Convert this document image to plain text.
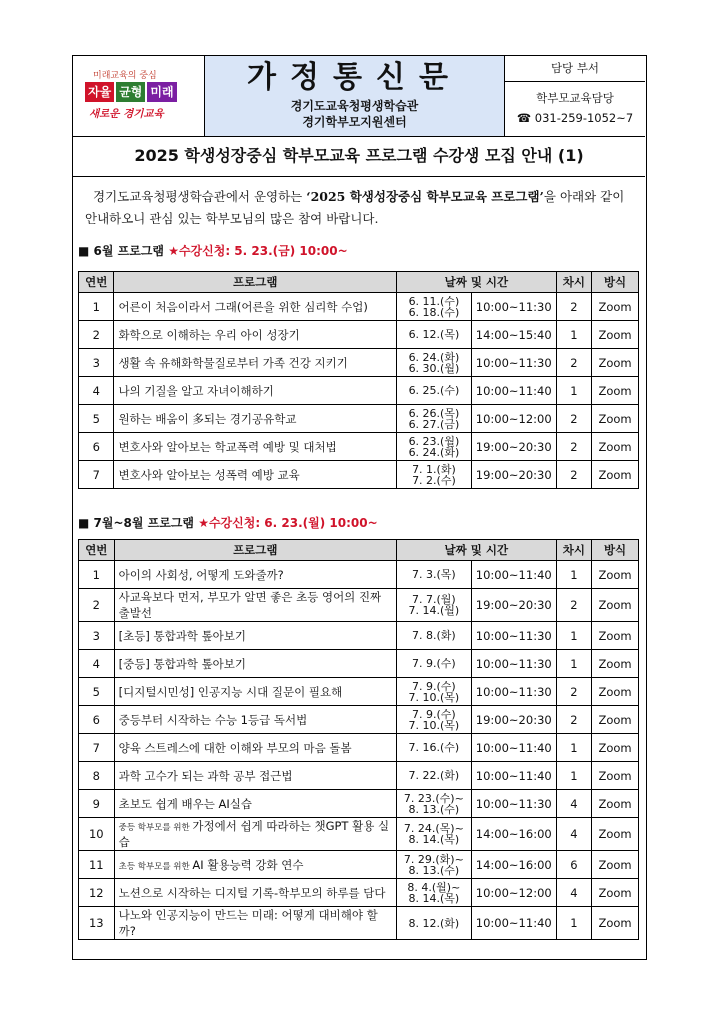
미래교육의 중심
자율 균형 미래
새로운 경기교육
가정통신문
경기도교육청평생학습관
경기학부모지원센터
담당 부서
학부모교육담당
☎ 031-259-1052~7
2025 학생성장중심 학부모교육 프로그램 수강생 모집 안내 (1)
경기도교육청평생학습관에서 운영하는 ‘2025 학생성장중심 학부모교육 프로그램’을 아래와 같이 안내하오니 관심 있는 학부모님의 많은 참여 바랍니다.
■ 6월 프로그램 ★수강신청: 5. 23.(금) 10:00~
연번	프로그램	날짜 및 시간		차시	방식
1	어른이 처음이라서 그래(어른을 위한 심리학 수업)	6. 11.(수)
6. 18.(수)	10:00~11:30	2	Zoom
2	화학으로 이해하는 우리 아이 성장기	6. 12.(목)	14:00~15:40	1	Zoom
3	생활 속 유해화학물질로부터 가족 건강 지키기	6. 24.(화)
6. 30.(월)	10:00~11:30	2	Zoom
4	나의 기질을 알고 자녀이해하기	6. 25.(수)	10:00~11:40	1	Zoom
5	원하는 배움이 多되는 경기공유학교	6. 26.(목)
6. 27.(금)	10:00~12:00	2	Zoom
6	변호사와 알아보는 학교폭력 예방 및 대처법	6. 23.(월)
6. 24.(화)	19:00~20:30	2	Zoom
7	변호사와 알아보는 성폭력 예방 교육	7. 1.(화)
7. 2.(수)	19:00~20:30	2	Zoom
■ 7월~8월 프로그램 ★수강신청: 6. 23.(월) 10:00~
연번	프로그램	날짜 및 시간		차시	방식
1	아이의 사회성, 어떻게 도와줄까?	7. 3.(목)	10:00~11:40	1	Zoom
2	사교육보다 먼저, 부모가 알면 좋은 초등 영어의 진짜 출발선	7. 7.(월)
7. 14.(월)	19:00~20:30	2	Zoom
3	[초등] 통합과학 톺아보기	7. 8.(화)	10:00~11:30	1	Zoom
4	[중등] 통합과학 톺아보기	7. 9.(수)	10:00~11:30	1	Zoom
5	[디지털시민성] 인공지능 시대 질문이 필요해	7. 9.(수)
7. 10.(목)	10:00~11:30	2	Zoom
6	중등부터 시작하는 수능 1등급 독서법	7. 9.(수)
7. 10.(목)	19:00~20:30	2	Zoom
7	양육 스트레스에 대한 이해와 부모의 마음 돌봄	7. 16.(수)	10:00~11:40	1	Zoom
8	과학 고수가 되는 과학 공부 접근법	7. 22.(화)	10:00~11:40	1	Zoom
9	초보도 쉽게 배우는 AI실습	7. 23.(수)~
8. 13.(수)	10:00~11:30	4	Zoom
10	중등 학부모를 위한 가정에서 쉽게 따라하는 챗GPT 활용 실습	7. 24.(목)~
8. 14.(목)	14:00~16:00	4	Zoom
11	초등 학부모를 위한 AI 활용능력 강화 연수	7. 29.(화)~
8. 13.(수)	14:00~16:00	6	Zoom
12	노션으로 시작하는 디지털 기록-학부모의 하루를 담다	8. 4.(월)~
8. 14.(목)	10:00~12:00	4	Zoom
13	나노와 인공지능이 만드는 미래: 어떻게 대비해야 할까?	8. 12.(화)	10:00~11:40	1	Zoom
